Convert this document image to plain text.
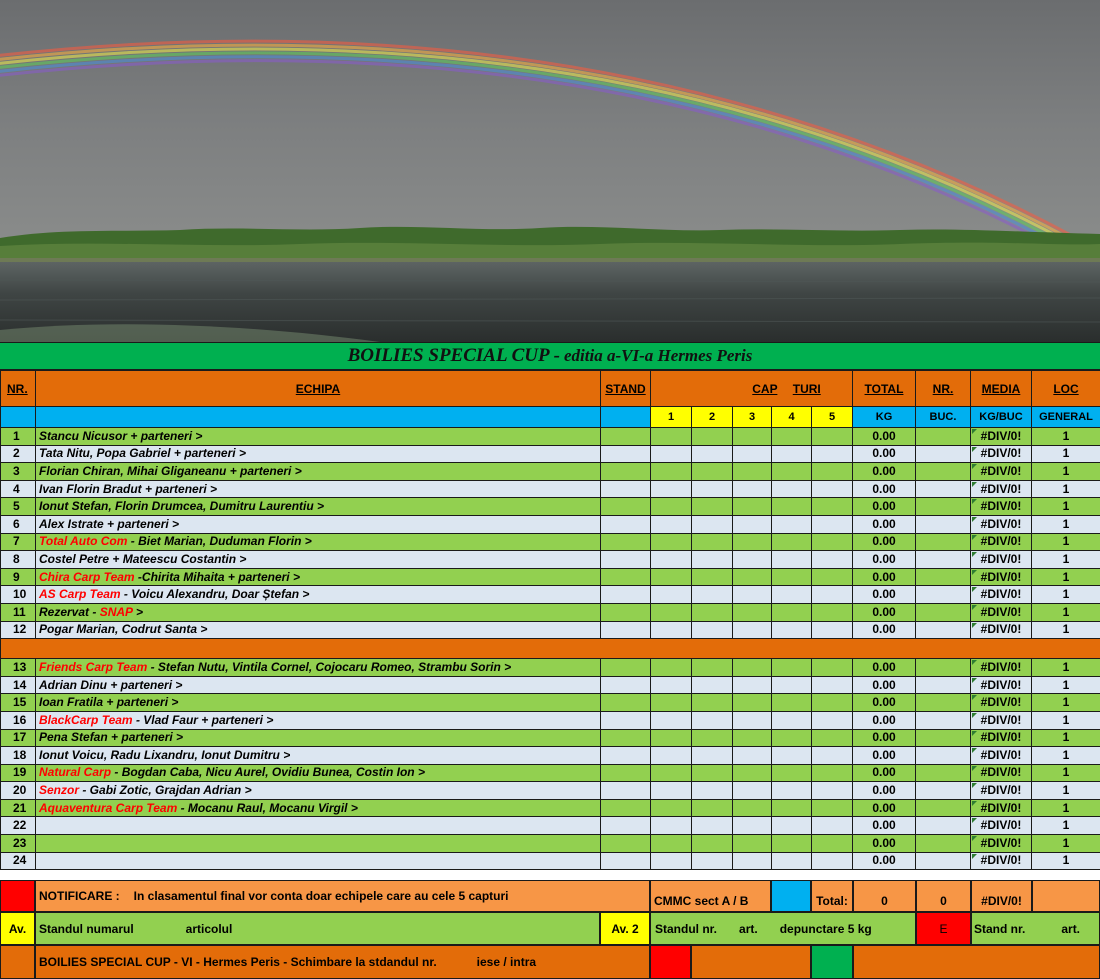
BOILIES SPECIAL CUP - editia a-VI-a Hermes Peris
NR.	ECHIPA	STAND	CAP TURI					TOTAL	NR.	MEDIA	LOC
			1	2	3	4	5	KG	BUC.	KG/BUC	GENERAL
1	Stancu Nicusor + parteneri >							0.00		#DIV/0!	1
2	Tata Nitu, Popa Gabriel + parteneri >							0.00		#DIV/0!	1
3	Florian Chiran, Mihai Gliganeanu + parteneri >							0.00		#DIV/0!	1
4	Ivan Florin Bradut + parteneri >							0.00		#DIV/0!	1
5	Ionut Stefan, Florin Drumcea, Dumitru Laurentiu >							0.00		#DIV/0!	1
6	Alex Istrate + parteneri >							0.00		#DIV/0!	1
7	Total Auto Com - Biet Marian, Duduman Florin >							0.00		#DIV/0!	1
8	Costel Petre + Mateescu Costantin >							0.00		#DIV/0!	1
9	Chira Carp Team -Chirita Mihaita + parteneri >							0.00		#DIV/0!	1
10	AS Carp Team - Voicu Alexandru, Doar Ștefan >							0.00		#DIV/0!	1
11	Rezervat - SNAP >							0.00		#DIV/0!	1
12	Pogar Marian, Codrut Santa >							0.00		#DIV/0!	1

13	Friends Carp Team - Stefan Nutu, Vintila Cornel, Cojocaru Romeo, Strambu Sorin >							0.00		#DIV/0!	1
14	Adrian Dinu + parteneri >							0.00		#DIV/0!	1
15	Ioan Fratila + parteneri >							0.00		#DIV/0!	1
16	BlackCarp Team - Vlad Faur + parteneri >							0.00		#DIV/0!	1
17	Pena Stefan + parteneri >							0.00		#DIV/0!	1
18	Ionut Voicu, Radu Lixandru, Ionut Dumitru >							0.00		#DIV/0!	1
19	Natural Carp - Bogdan Caba, Nicu Aurel, Ovidiu Bunea, Costin Ion >							0.00		#DIV/0!	1
20	Senzor - Gabi Zotic, Grajdan Adrian >							0.00		#DIV/0!	1
21	Aquaventura Carp Team - Mocanu Raul, Mocanu Virgil >							0.00		#DIV/0!	1
22								0.00		#DIV/0!	1
23								0.00		#DIV/0!	1
24								0.00		#DIV/0!	1
NOTIFICARE : In clasamentul final vor conta doar echipele care au cele 5 capturi	CMMC sect A / B	Total:	0	0	#DIV/0!
Av.	Standul numarul	articolul	Av. 2	Standul nr. art. depunctare 5 kg	E	Stand nr.	art.
BOILIES SPECIAL CUP - VI - Hermes Peris - Schimbare la stdandul nr.	iese / intra
